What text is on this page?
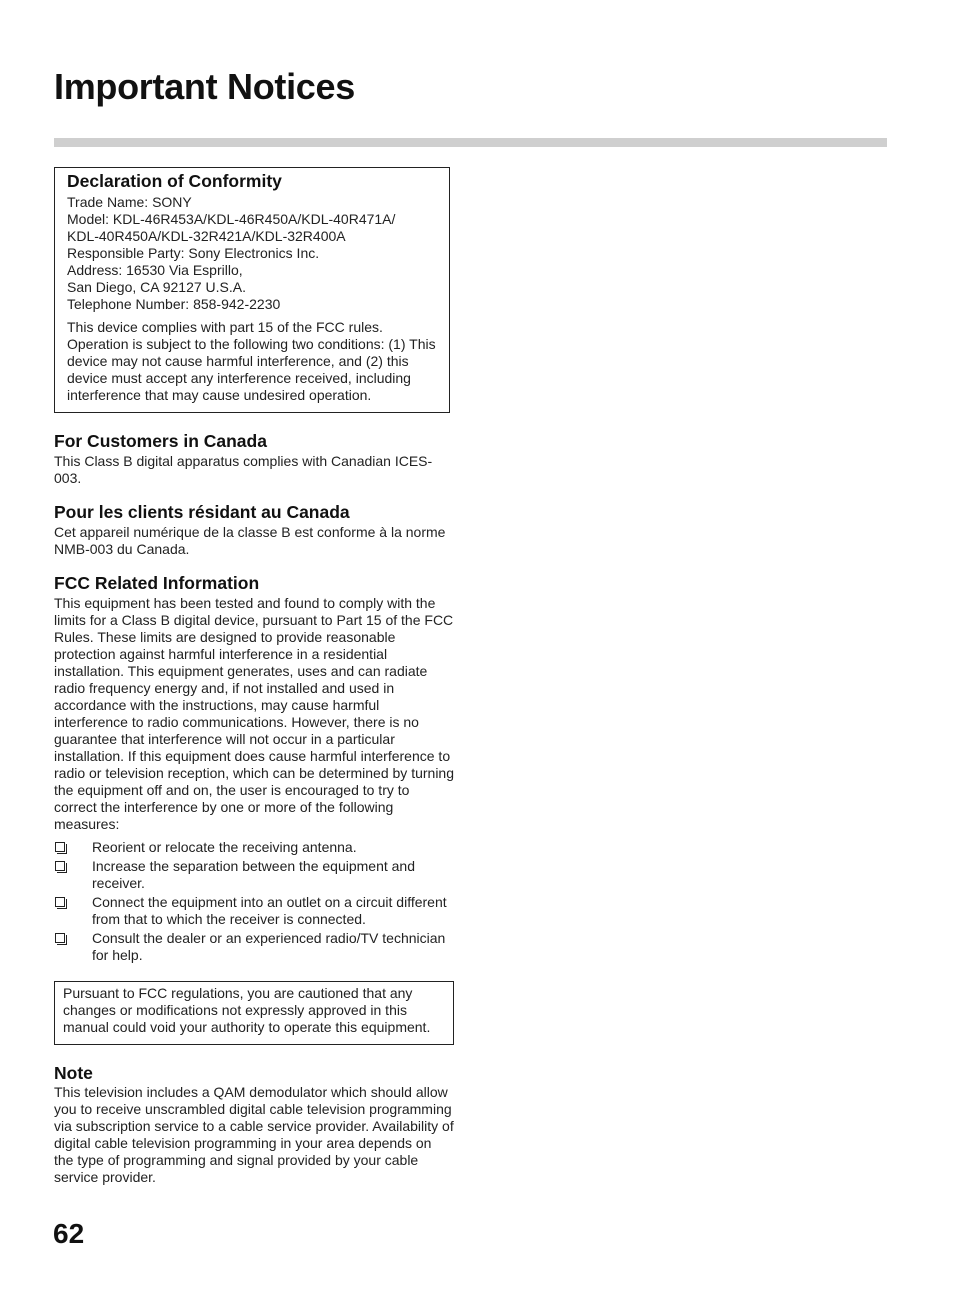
Important Notices
Declaration of Conformity

Trade Name: SONY

Model: KDL-46R453A/KDL-46R450A/KDL-40R471A/

KDL-40R450A/KDL-32R421A/KDL-32R400A

Responsible Party: Sony Electronics Inc.

Address: 16530 Via Esprillo,

San Diego, CA 92127 U.S.A.

Telephone Number: 858-942-2230

This device complies with part 15 of the FCC rules. Operation is subject to the following two conditions: (1) This device may not cause harmful interference, and (2) this device must accept any interference received, including interference that may cause undesired operation.

For Customers in Canada

This Class B digital apparatus complies with Canadian ICES-003.

Pour les clients résidant au Canada

Cet appareil numérique de la classe B est conforme à la norme NMB-003 du Canada.

FCC Related Information

This equipment has been tested and found to comply with the limits for a Class B digital device, pursuant to Part 15 of the FCC Rules. These limits are designed to provide reasonable protection against harmful interference in a residential installation. This equipment generates, uses and can radiate radio frequency energy and, if not installed and used in accordance with the instructions, may cause harmful interference to radio communications. However, there is no guarantee that interference will not occur in a particular installation. If this equipment does cause harmful interference to radio or television reception, which can be determined by turning the equipment off and on, the user is encouraged to try to correct the interference by one or more of the following measures:

Reorient or relocate the receiving antenna.
Increase the separation between the equipment and receiver.
Connect the equipment into an outlet on a circuit different from that to which the receiver is connected.
Consult the dealer or an experienced radio/TV technician for help.

Pursuant to FCC regulations, you are cautioned that any changes or modifications not expressly approved in this manual could void your authority to operate this equipment.

Note

This television includes a QAM demodulator which should allow you to receive unscrambled digital cable television programming via subscription service to a cable service provider. Availability of digital cable television programming in your area depends on the type of programming and signal provided by your cable service provider.

62
